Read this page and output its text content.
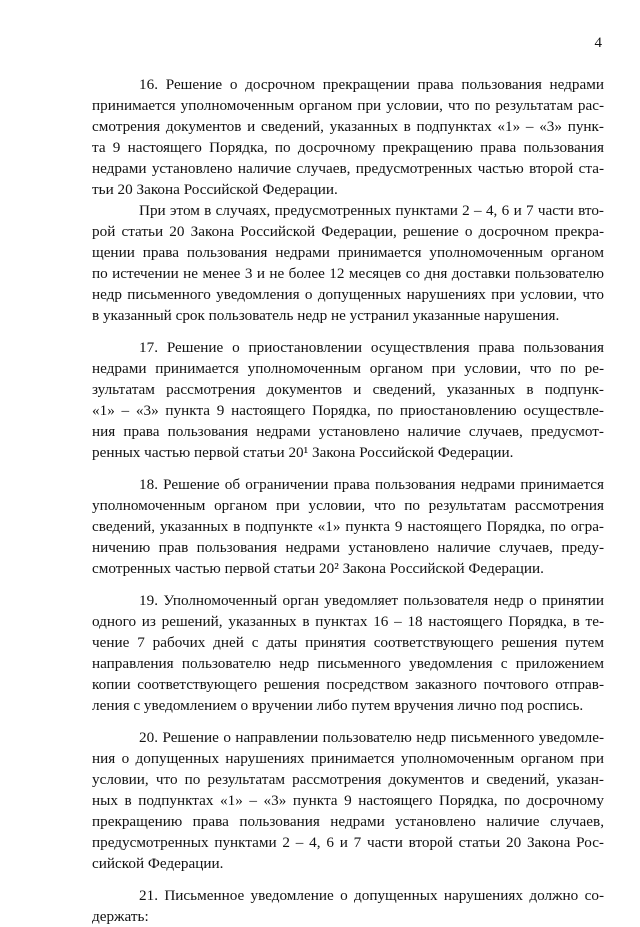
4
16. Решение о досрочном прекращении права пользования недрами
принимается уполномоченным органом при условии, что по результатам рас-
смотрения документов и сведений, указанных в подпунктах «1» – «3» пунк-
та 9 настоящего Порядка, по досрочному прекращению права пользования
недрами установлено наличие случаев, предусмотренных частью второй ста-
тьи 20 Закона Российской Федерации.
При этом в случаях, предусмотренных пунктами 2 – 4, 6 и 7 части вто-
рой статьи 20 Закона Российской Федерации, решение о досрочном прекра-
щении права пользования недрами принимается уполномоченным органом
по истечении не менее 3 и не более 12 месяцев со дня доставки пользователю
недр письменного уведомления о допущенных нарушениях при условии, что
в указанный срок пользователь недр не устранил указанные нарушения.
17. Решение о приостановлении осуществления права пользования
недрами принимается уполномоченным органом при условии, что по ре-
зультатам рассмотрения документов и сведений, указанных в подпунк-
«1» – «3» пункта 9 настоящего Порядка, по приостановлению осуществле-
ния права пользования недрами установлено наличие случаев, предусмот-
ренных частью первой статьи 20¹ Закона Российской Федерации.
18. Решение об ограничении права пользования недрами принимается
уполномоченным органом при условии, что по результатам рассмотрения
сведений, указанных в подпункте «1» пункта 9 настоящего Порядка, по огра-
ничению прав пользования недрами установлено наличие случаев, преду-
смотренных частью первой статьи 20² Закона Российской Федерации.
19. Уполномоченный орган уведомляет пользователя недр о принятии
одного из решений, указанных в пунктах 16 – 18 настоящего Порядка, в те-
чение 7 рабочих дней с даты принятия соответствующего решения путем
направления пользователю недр письменного уведомления с приложением
копии соответствующего решения посредством заказного почтового отправ-
ления с уведомлением о вручении либо путем вручения лично под роспись.
20. Решение о направлении пользователю недр письменного уведомле-
ния о допущенных нарушениях принимается уполномоченным органом при
условии, что по результатам рассмотрения документов и сведений, указан-
ных в подпунктах «1» – «3» пункта 9 настоящего Порядка, по досрочному
прекращению права пользования недрами установлено наличие случаев,
предусмотренных пунктами 2 – 4, 6 и 7 части второй статьи 20 Закона Рос-
сийской Федерации.
21. Письменное уведомление о допущенных нарушениях должно со-
держать:
